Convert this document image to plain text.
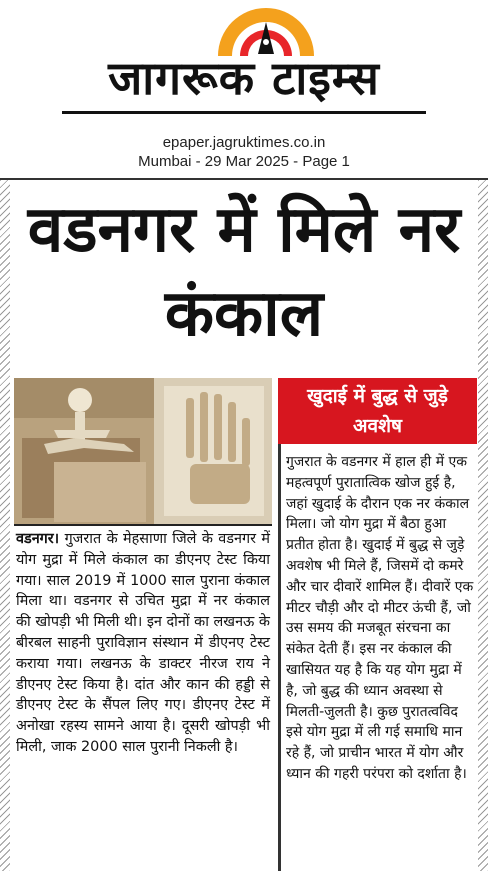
जागरूक टाइम्स
epaper.jagruktimes.co.in
Mumbai - 29 Mar 2025 - Page 1
वडनगर में मिले नर कंकाल
खुदाई में बुद्ध से जुड़े अवशेष
गुजरात के वडनगर में हाल ही में एक महत्वपूर्ण पुरातात्विक खोज हुई है, जहां खुदाई के दौरान एक नर कंकाल मिला। जो योग मुद्रा में बैठा हुआ प्रतीत होता है। खुदाई में बुद्ध से जुड़े अवशेष भी मिले हैं, जिसमें दो कमरे और चार दीवारें शामिल हैं। दीवारें एक मीटर चौड़ी और दो मीटर ऊंची हैं, जो उस समय की मजबूत संरचना का संकेत देती हैं। इस नर कंकाल की खासियत यह है कि यह योग मुद्रा में है, जो बुद्ध की ध्यान अवस्था से मिलती-जुलती है। कुछ पुरातत्वविद इसे योग मुद्रा में ली गई समाधि मान रहे हैं, जो प्राचीन भारत में योग और ध्यान की गहरी परंपरा को दर्शाता है।
वडनगर। गुजरात के मेहसाणा जिले के वडनगर में योग मुद्रा में मिले कंकाल का डीएनए टेस्ट किया गया। साल 2019 में 1000 साल पुराना कंकाल मिला था। वडनगर से उचित मुद्रा में नर कंकाल की खोपड़ी भी मिली थी। इन दोनों का लखनऊ के बीरबल साहनी पुराविज्ञान संस्थान में डीएनए टेस्ट कराया गया। लखनऊ के डाक्टर नीरज राय ने डीएनए टेस्ट किया है। दांत और कान की हड्डी से डीएनए टेस्ट के सैंपल लिए गए। डीएनए टेस्ट में अनोखा रहस्य सामने आया है। दूसरी खोपड़ी भी मिली, जाक 2000 साल पुरानी निकली है।
